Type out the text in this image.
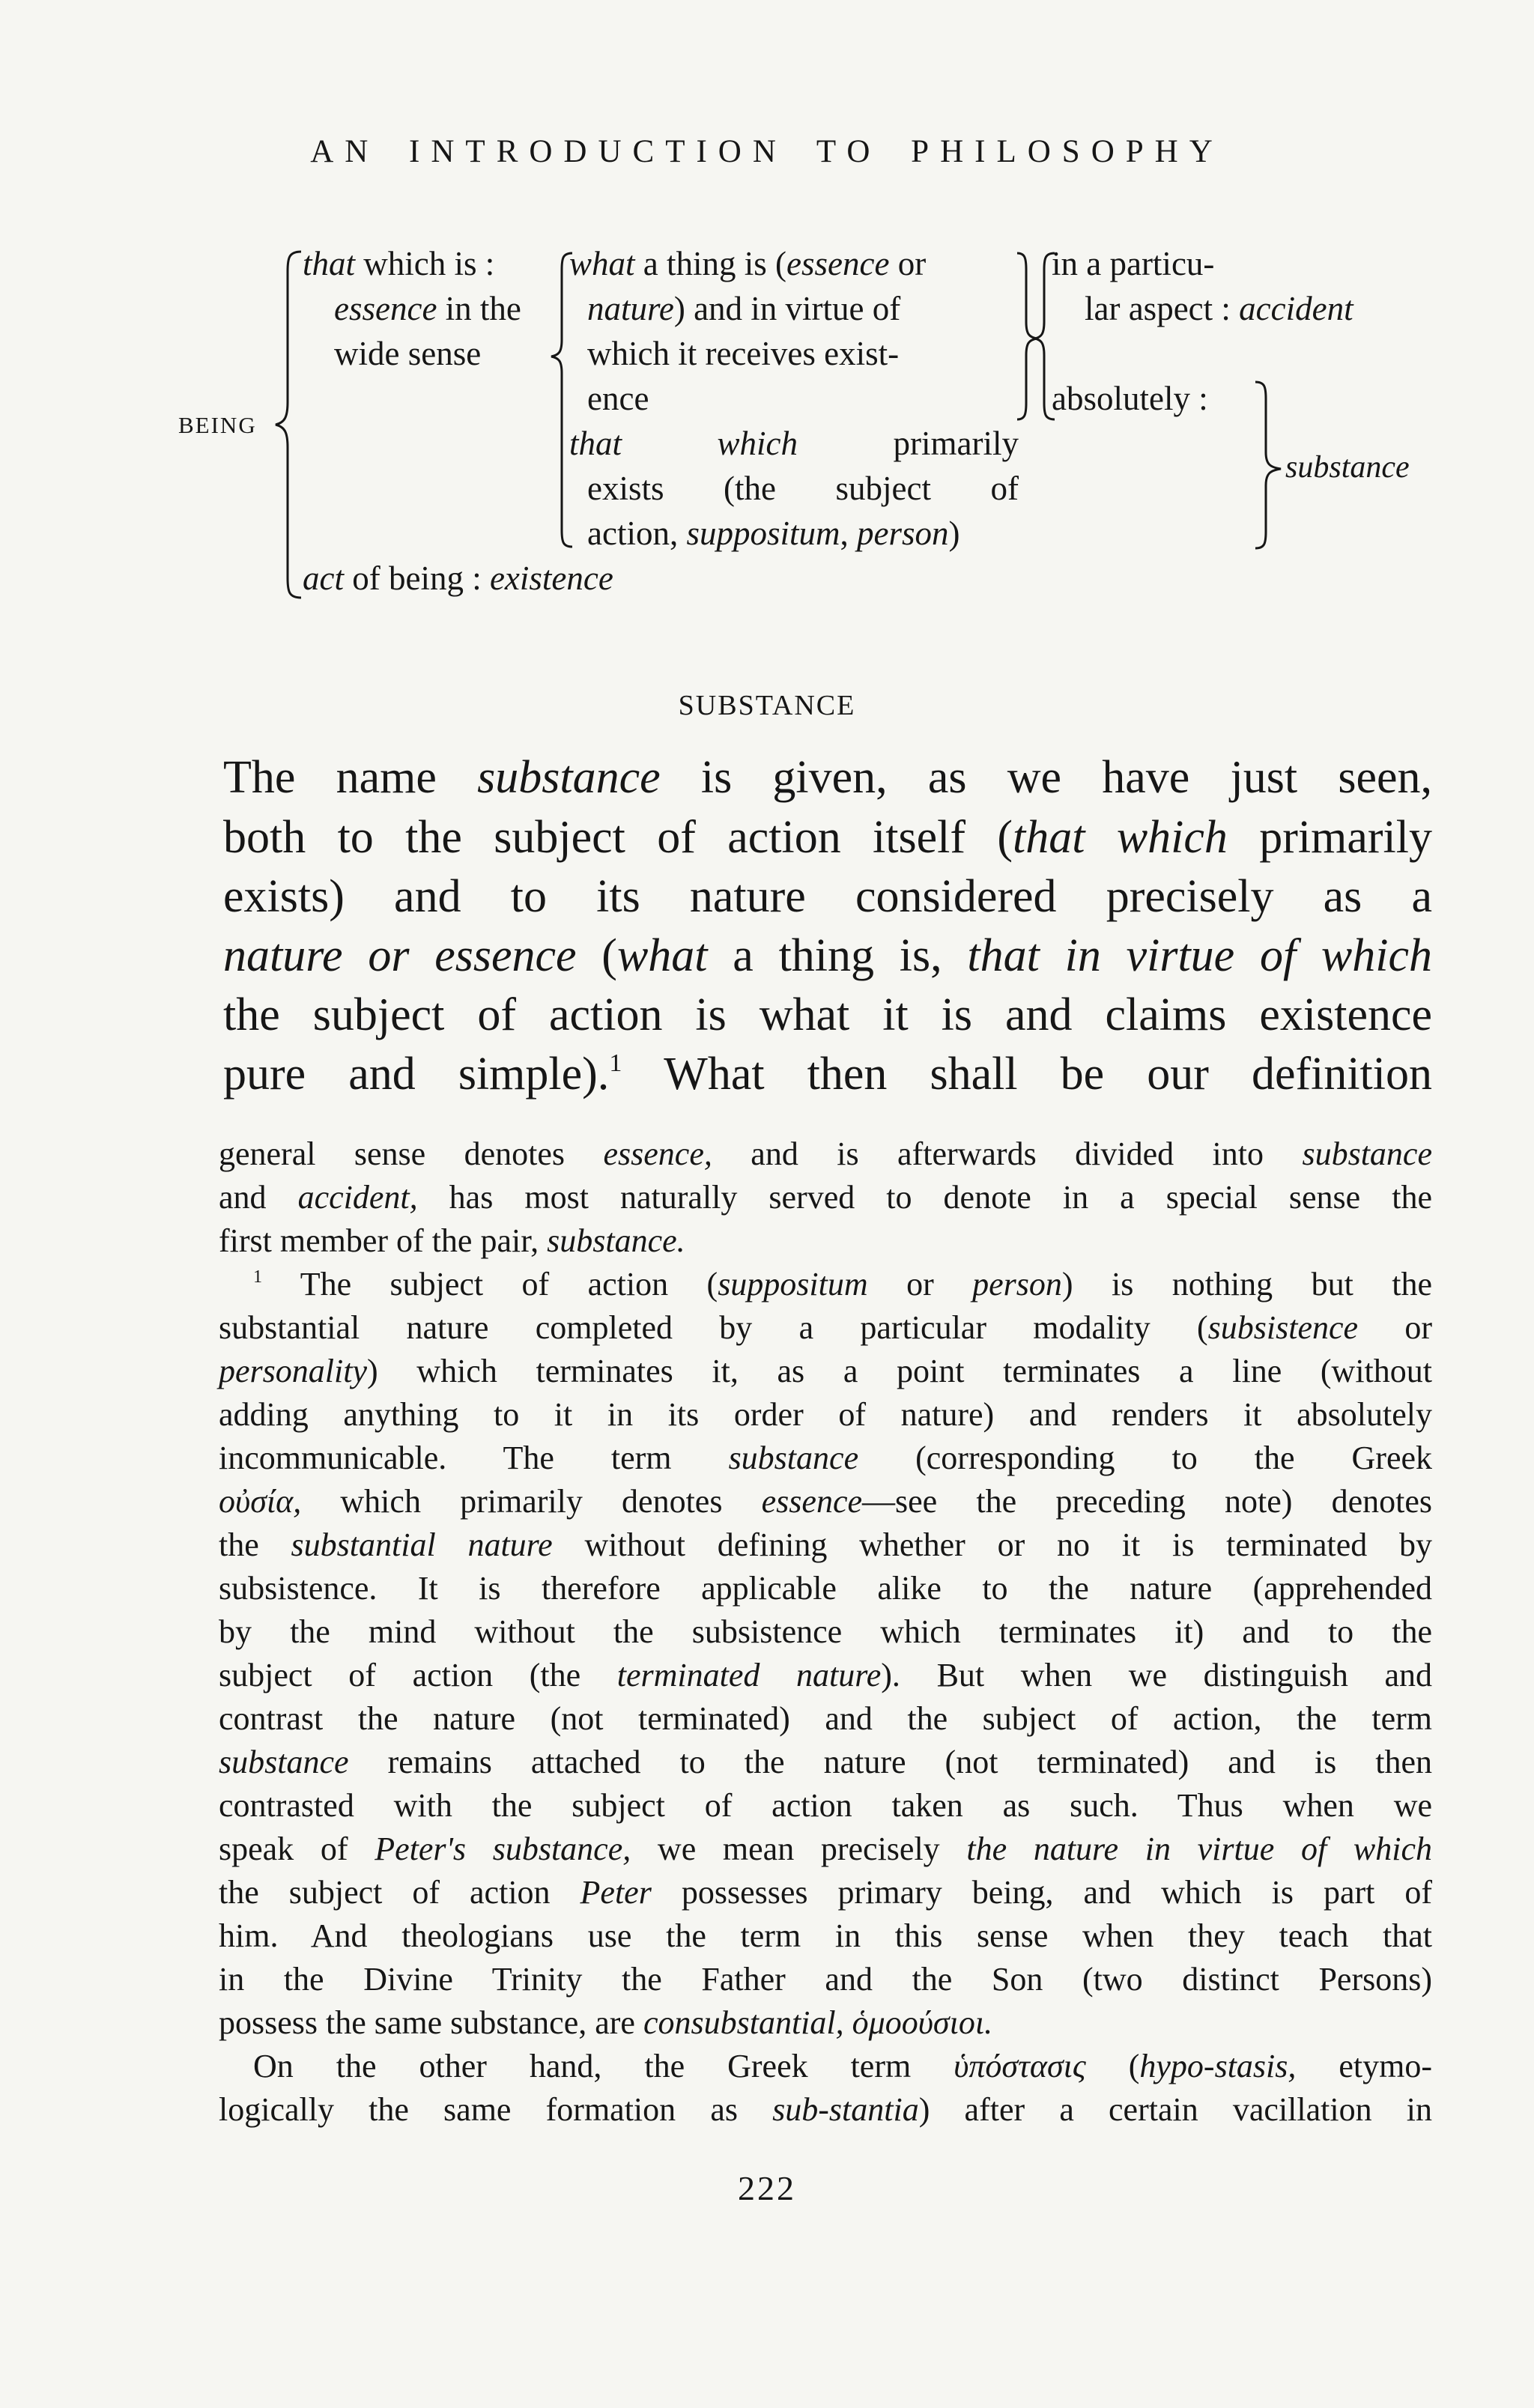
AN INTRODUCTION TO PHILOSOPHY
BEING
that which is :
essence in the
wide sense
what a thing is (essence or
nature) and in virtue of
which it receives exist-
ence
that	which	primarily
exists (the subject of
action, suppositum, person)
in a particu-
lar aspect : accident
absolutely :
substance
act of being : existence
SUBSTANCE
The name substance is given, as we have just seen,
both to the subject of action itself (that which primarily
exists) and to its nature considered precisely as a
nature or essence (what a thing is, that in virtue of which
the subject of action is what it is and claims existence
pure and simple).$^1$ What then shall be our definition
general sense denotes essence, and is afterwards divided into substance
and accident, has most naturally served to denote in a special sense the
first member of the pair, substance.
$^1$ The subject of action (suppositum or person) is nothing but the
substantial nature completed by a particular modality (subsistence or
personality) which terminates it, as a point terminates a line (without
adding anything to it in its order of nature) and renders it absolutely
incommunicable. The term substance (corresponding to the Greek
οὐσία, which primarily denotes essence—see the preceding note) denotes
the substantial nature without defining whether or no it is terminated by
subsistence. It is therefore applicable alike to the nature (apprehended
by the mind without the subsistence which terminates it) and to the
subject of action (the terminated nature). But when we distinguish and
contrast the nature (not terminated) and the subject of action, the term
substance remains attached to the nature (not terminated) and is then
contrasted with the subject of action taken as such. Thus when we
speak of Peter's substance, we mean precisely the nature in virtue of which
the subject of action Peter possesses primary being, and which is part of
him. And theologians use the term in this sense when they teach that
in the Divine Trinity the Father and the Son (two distinct Persons)
possess the same substance, are consubstantial, ὁμοούσιοι.
On the other hand, the Greek term ὑπόστασις (hypo-stasis, etymo-
logically the same formation as sub-stantia) after a certain vacillation in
222
